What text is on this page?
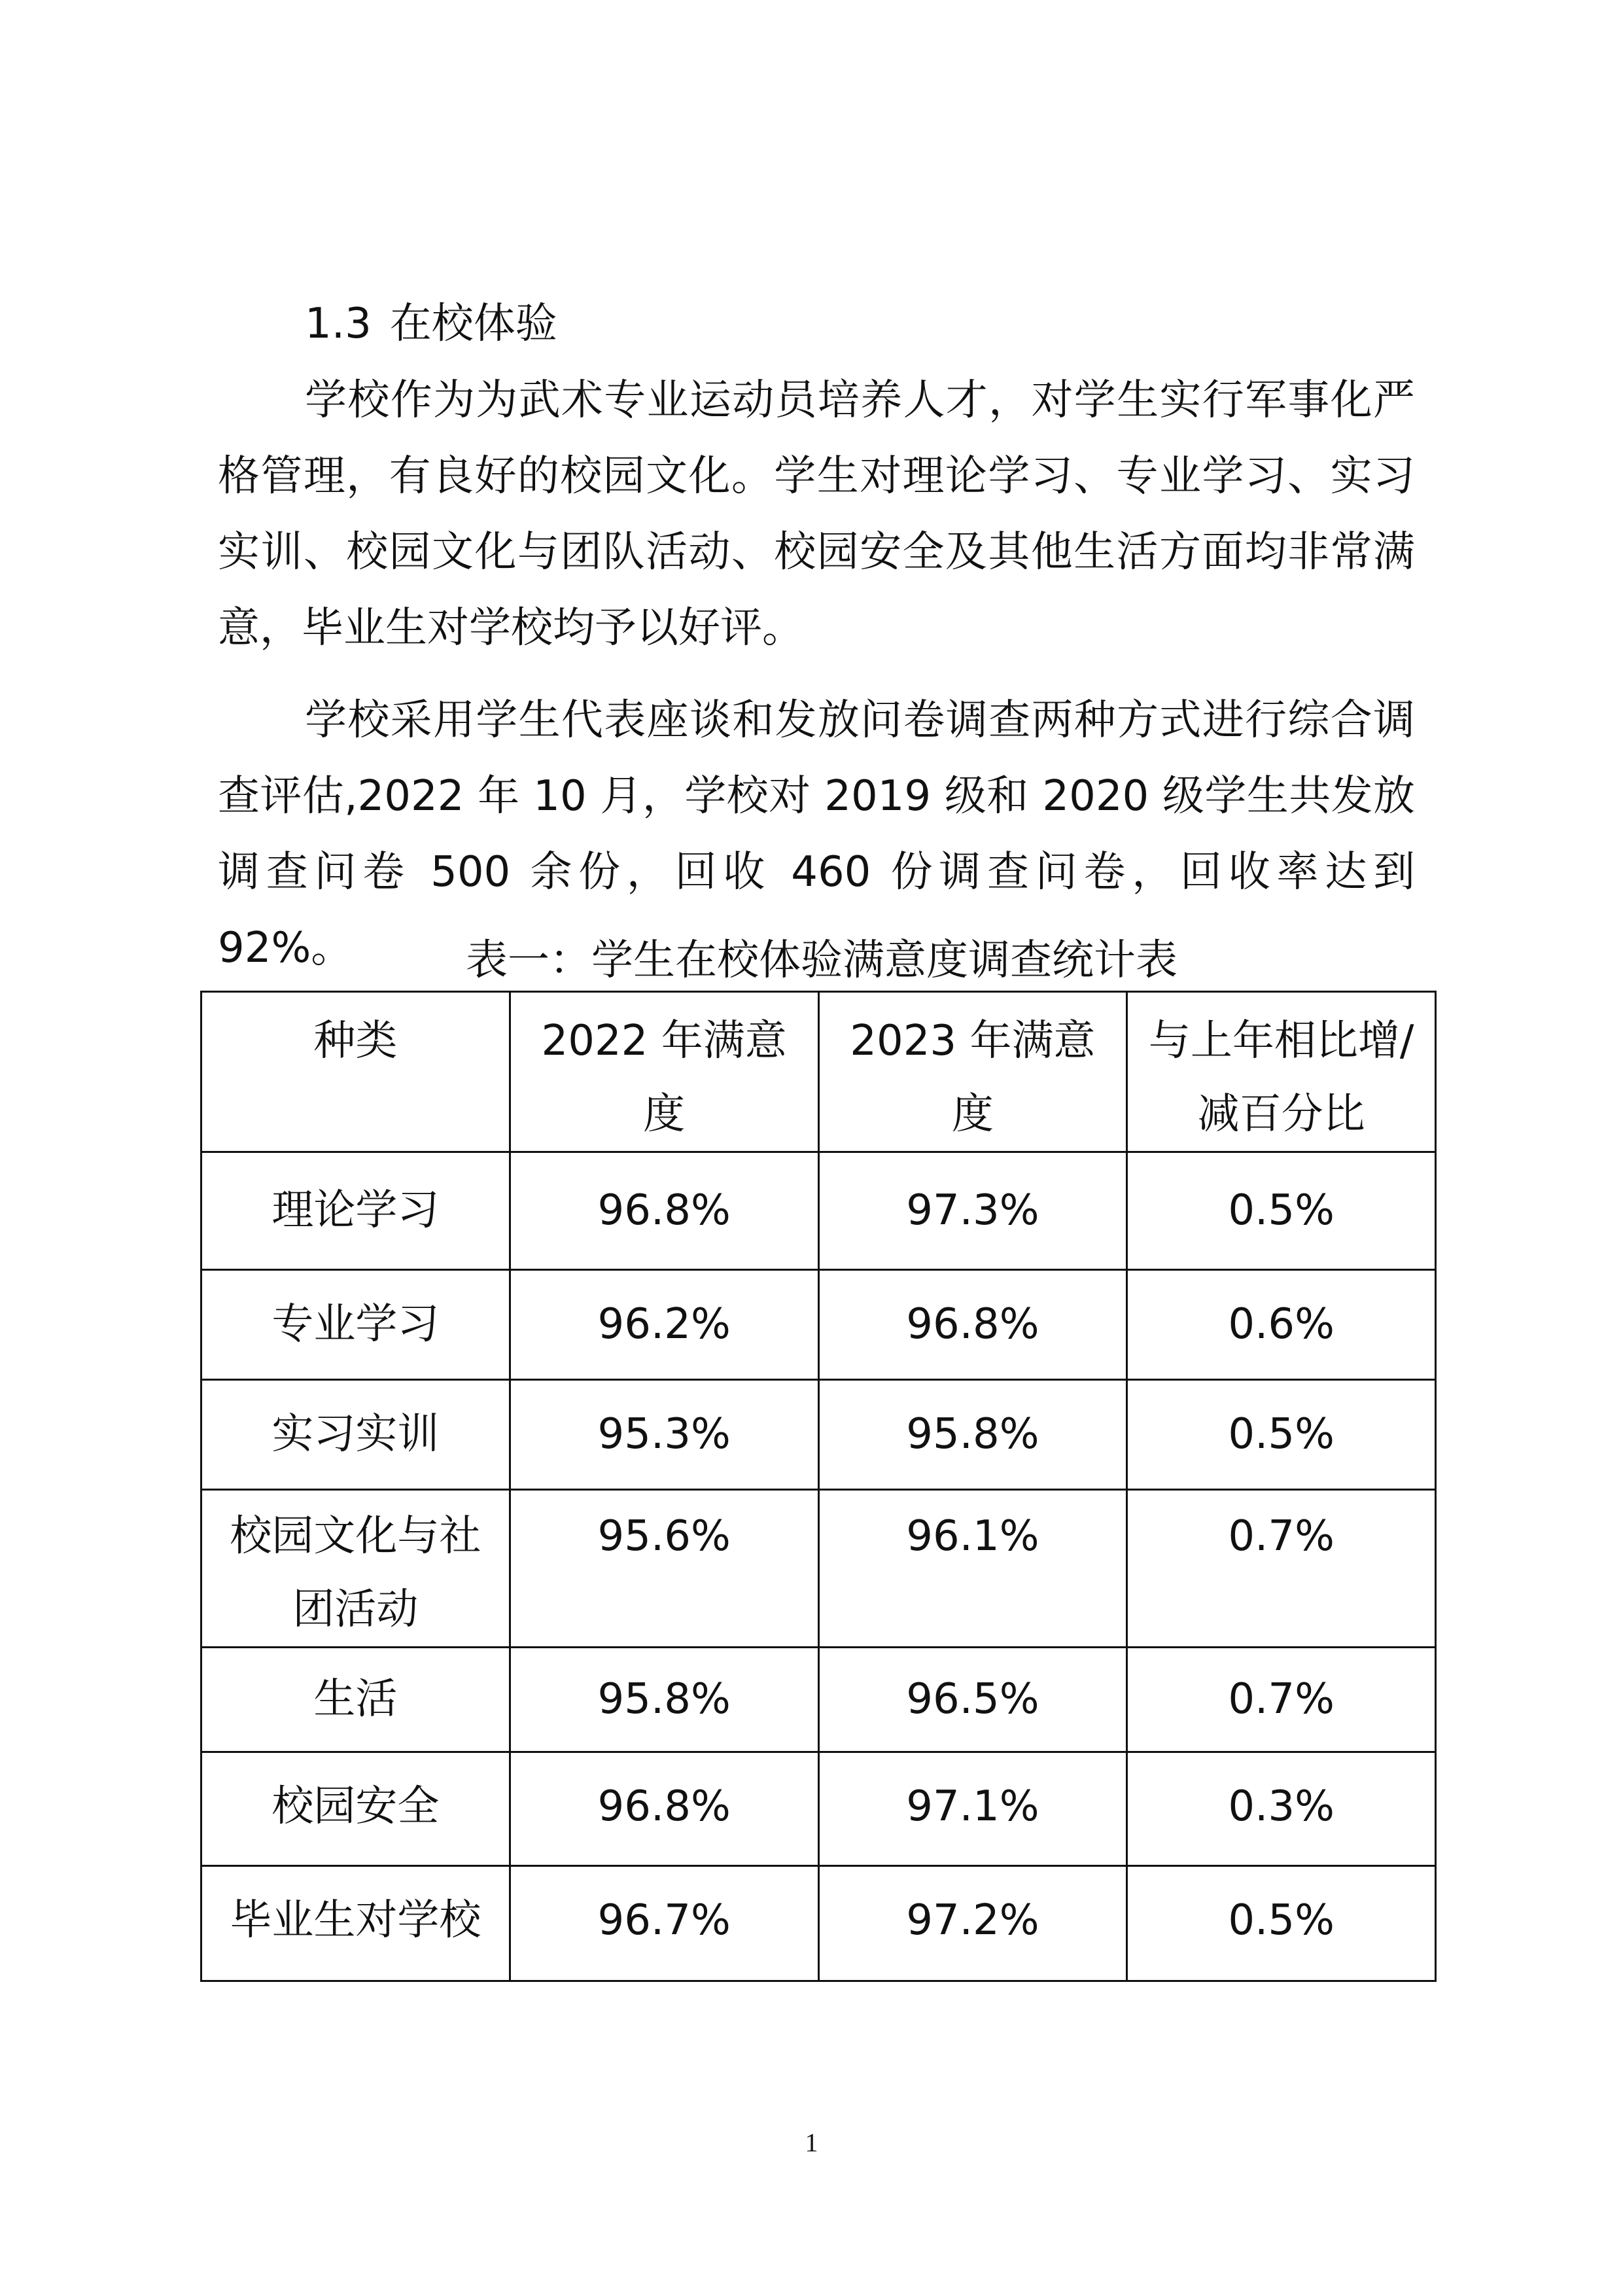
1.3 在校体验

学校作为为武术专业运动员培养人才，对学生实行军事化严格管理，有良好的校园文化。学生对理论学习、专业学习、实习实训、校园文化与团队活动、校园安全及其他生活方面均非常满意，毕业生对学校均予以好评。

学校采用学生代表座谈和发放问卷调查两种方式进行综合调查评估,2022 年 10 月，学校对 2019 级和 2020 级学生共发放调查问卷 500 余份，回收 460 份调查问卷，回收率达到 92%。	表一：学生在校体验满意度调查统计表
种类	2022 年满意度	2023 年满意度	与上年相比增/减百分比
理论学习	96.8%	97.3%	0.5%
专业学习	96.2%	96.8%	0.6%
实习实训	95.3%	95.8%	0.5%
校园文化与社团活动	95.6%	96.1%	0.7%
生活	95.8%	96.5%	0.7%
校园安全	96.8%	97.1%	0.3%
毕业生对学校	96.7%	97.2%	0.5%
1
